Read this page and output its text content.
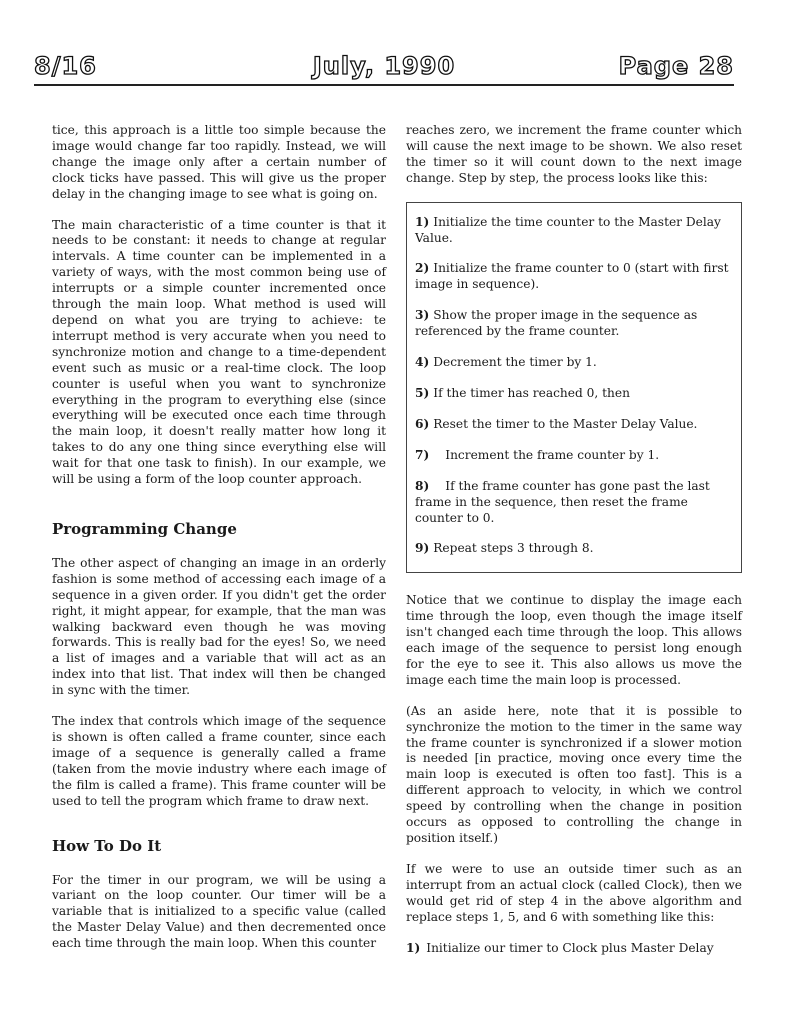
8/16	July, 1990	Page 28

tice, this approach is a little too simple because the image would change far too rapidly. Instead, we will change the image only after a certain number of clock ticks have passed. This will give us the proper delay in the changing image to see what is going on.

The main characteristic of a time counter is that it needs to be constant: it needs to change at regular intervals. A time counter can be implemented in a variety of ways, with the most common being use of interrupts or a simple counter incremented once through the main loop. What method is used will depend on what you are trying to achieve: te interrupt method is very accurate when you need to synchronize motion and change to a time-dependent event such as music or a real-time clock. The loop counter is useful when you want to synchronize everything in the program to everything else (since everything will be executed once each time through the main loop, it doesn't really matter how long it takes to do any one thing since everything else will wait for that one task to finish). In our example, we will be using a form of the loop counter approach.

Programming Change

The other aspect of changing an image in an orderly fashion is some method of accessing each image of a sequence in a given order. If you didn't get the order right, it might appear, for example, that the man was walking backward even though he was moving forwards. This is really bad for the eyes! So, we need a list of images and a variable that will act as an index into that list. That index will then be changed in sync with the timer.

The index that controls which image of the sequence is shown is often called a frame counter, since each image of a sequence is generally called a frame (taken from the movie industry where each image of the film is called a frame). This frame counter will be used to tell the program which frame to draw next.

How To Do It

For the timer in our program, we will be using a variant on the loop counter. Our timer will be a variable that is initialized to a specific value (called the Master Delay Value) and then decremented once each time through the main loop. When this counter

reaches zero, we increment the frame counter which will cause the next image to be shown. We also reset the timer so it will count down to the next image change. Step by step, the process looks like this:

1) Initialize the time counter to the Master Delay Value.
2) Initialize the frame counter to 0 (start with first image in sequence).
3) Show the proper image in the sequence as referenced by the frame counter.
4) Decrement the timer by 1.
5) If the timer has reached 0, then
6) Reset the timer to the Master Delay Value.
7) Increment the frame counter by 1.
8) If the frame counter has gone past the last frame in the sequence, then reset the frame counter to 0.
9) Repeat steps 3 through 8.

Notice that we continue to display the image each time through the loop, even though the image itself isn't changed each time through the loop. This allows each image of the sequence to persist long enough for the eye to see it. This also allows us move the image each time the main loop is processed.

(As an aside here, note that it is possible to synchronize the motion to the timer in the same way the frame counter is synchronized if a slower motion is needed [in practice, moving once every time the main loop is executed is often too fast]. This is a different approach to velocity, in which we control speed by controlling when the change in position occurs as opposed to controlling the change in position itself.)

If we were to use an outside timer such as an interrupt from an actual clock (called Clock), then we would get rid of step 4 in the above algorithm and replace steps 1, 5, and 6 with something like this:

1) Initialize our timer to Clock plus Master Delay
